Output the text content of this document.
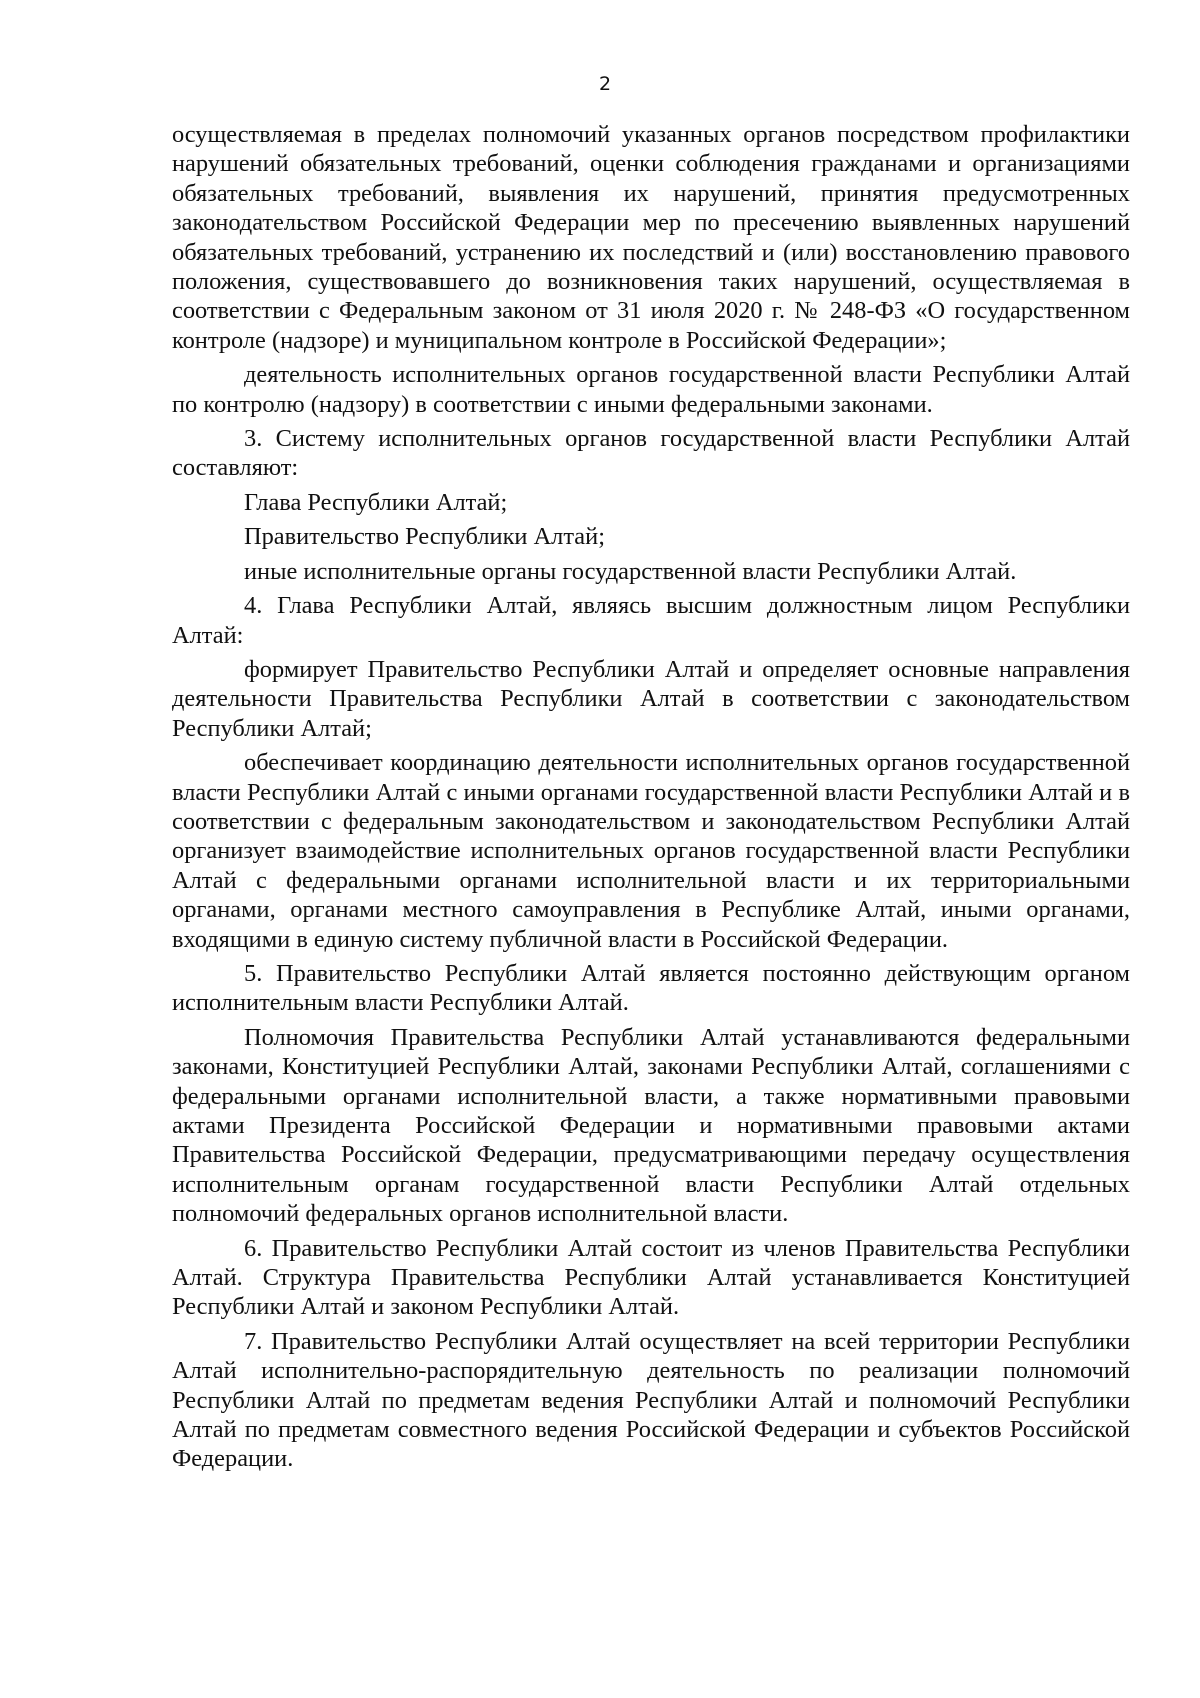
2

осуществляемая в пределах полномочий указанных органов посредством профилактики нарушений обязательных требований, оценки соблюдения гражданами и организациями обязательных требований, выявления их нарушений, принятия предусмотренных законодательством Российской Федерации мер по пресечению выявленных нарушений обязательных требований, устранению их последствий и (или) восстановлению правового положения, существовавшего до возникновения таких нарушений, осуществляемая в соответствии с Федеральным законом от 31 июля 2020 г. № 248-ФЗ «О государственном контроле (надзоре) и муниципальном контроле в Российской Федерации»;

деятельность исполнительных органов государственной власти Республики Алтай по контролю (надзору) в соответствии с иными федеральными законами.

3. Систему исполнительных органов государственной власти Республики Алтай составляют:

Глава Республики Алтай;

Правительство Республики Алтай;

иные исполнительные органы государственной власти Республики Алтай.

4. Глава Республики Алтай, являясь высшим должностным лицом Республики Алтай:

формирует Правительство Республики Алтай и определяет основные направления деятельности Правительства Республики Алтай в соответствии с законодательством Республики Алтай;

обеспечивает координацию деятельности исполнительных органов государственной власти Республики Алтай с иными органами государственной власти Республики Алтай и в соответствии с федеральным законодательством и законодательством Республики Алтай организует взаимодействие исполнительных органов государственной власти Республики Алтай с федеральными органами исполнительной власти и их территориальными органами, органами местного самоуправления в Республике Алтай, иными органами, входящими в единую систему публичной власти в Российской Федерации.

5. Правительство Республики Алтай является постоянно действующим органом исполнительным власти Республики Алтай.

Полномочия Правительства Республики Алтай устанавливаются федеральными законами, Конституцией Республики Алтай, законами Республики Алтай, соглашениями с федеральными органами исполнительной власти, а также нормативными правовыми актами Президента Российской Федерации и нормативными правовыми актами Правительства Российской Федерации, предусматривающими передачу осуществления исполнительным органам государственной власти Республики Алтай отдельных полномочий федеральных органов исполнительной власти.

6. Правительство Республики Алтай состоит из членов Правительства Республики Алтай. Структура Правительства Республики Алтай устанавливается Конституцией Республики Алтай и законом Республики Алтай.

7. Правительство Республики Алтай осуществляет на всей территории Республики Алтай исполнительно-распорядительную деятельность по реализации полномочий Республики Алтай по предметам ведения Республики Алтай и полномочий Республики Алтай по предметам совместного ведения Российской Федерации и субъектов Российской Федерации.
